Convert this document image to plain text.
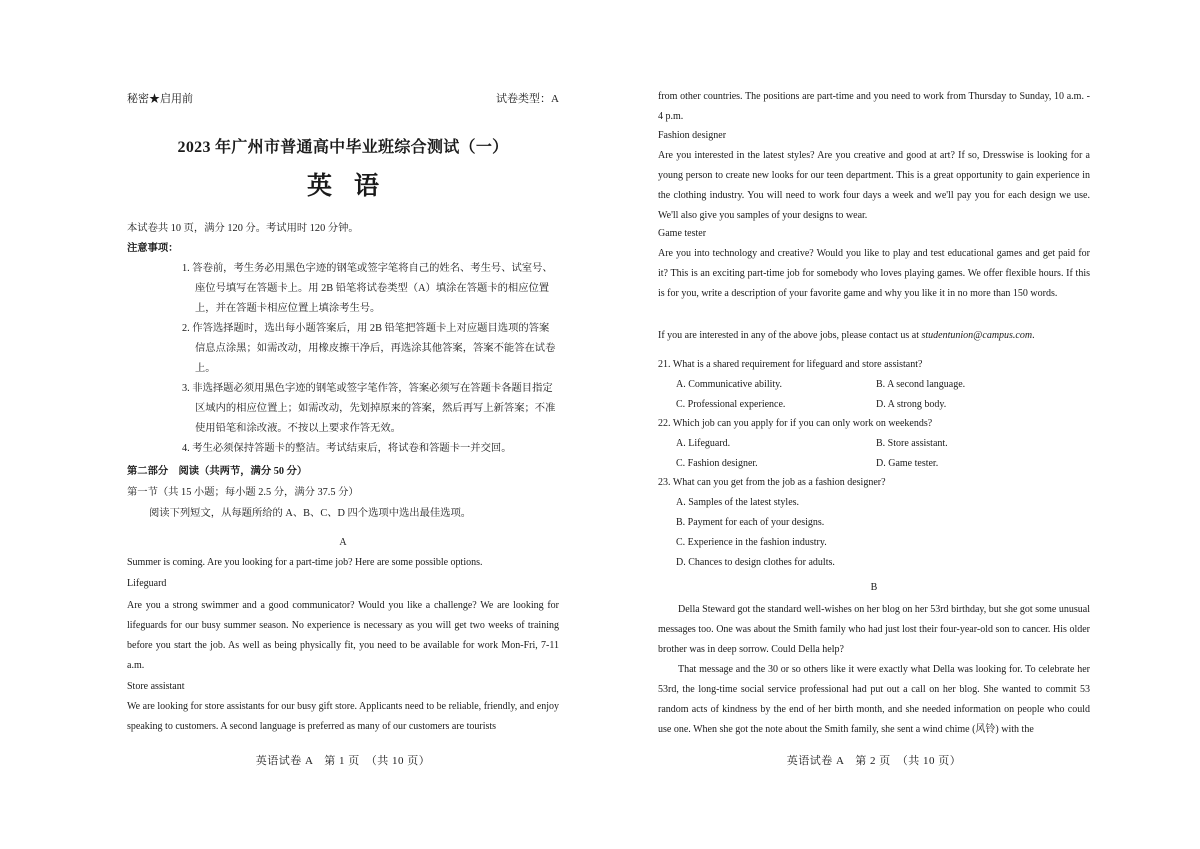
秘密★启用前	试卷类型：A
2023 年广州市普通高中毕业班综合测试（一）
英语

本试卷共 10 页，满分 120 分。考试用时 120 分钟。

注意事项：

1. 答卷前，考生务必用黑色字迹的钢笔或签字笔将自己的姓名、考生号、试室号、座位号填写在答题卡上。用 2B 铅笔将试卷类型（A）填涂在答题卡的相应位置上，并在答题卡相应位置上填涂考生号。

2. 作答选择题时，选出每小题答案后，用 2B 铅笔把答题卡上对应题目选项的答案信息点涂黑；如需改动，用橡皮擦干净后，再选涂其他答案，答案不能答在试卷上。

3. 非选择题必须用黑色字迹的钢笔或签字笔作答，答案必须写在答题卡各题目指定区域内的相应位置上；如需改动，先划掉原来的答案，然后再写上新答案；不准使用铅笔和涂改液。不按以上要求作答无效。

4. 考生必须保持答题卡的整洁。考试结束后，将试卷和答题卡一并交回。

第二部分　阅读（共两节，满分 50 分）

第一节（共 15 小题；每小题 2.5 分，满分 37.5 分）

阅读下列短文，从每题所给的 A、B、C、D 四个选项中选出最佳选项。

A

Summer is coming. Are you looking for a part-time job? Here are some possible options.

Lifeguard

Are you a strong swimmer and a good communicator? Would you like a challenge? We are looking for lifeguards for our busy summer season. No experience is necessary as you will get two weeks of training before you start the job. As well as being physically fit, you need to be available for work Mon-Fri, 7-11 a.m.

Store assistant

We are looking for store assistants for our busy gift store. Applicants need to be reliable, friendly, and enjoy speaking to customers. A second language is preferred as many of our customers are tourists

英语试卷 A　第 1 页　（共 10 页）

from other countries. The positions are part-time and you need to work from Thursday to Sunday, 10 a.m. - 4 p.m.

Fashion designer

Are you interested in the latest styles? Are you creative and good at art? If so, Dresswise is looking for a young person to create new looks for our teen department. This is a great opportunity to gain experience in the clothing industry. You will need to work four days a week and we'll pay you for each design we use. We'll also give you samples of your designs to wear.

Game tester

Are you into technology and creative? Would you like to play and test educational games and get paid for it? This is an exciting part-time job for somebody who loves playing games. We offer flexible hours. If this is for you, write a description of your favorite game and why you like it in no more than 150 words.

If you are interested in any of the above jobs, please contact us at studentunion@campus.com.

21. What is a shared requirement for lifeguard and store assistant?

A. Communicative ability.	B. A second language.
C. Professional experience.	D. A strong body.

22. Which job can you apply for if you can only work on weekends?

A. Lifeguard.	B. Store assistant.
C. Fashion designer.	D. Game tester.

23. What can you get from the job as a fashion designer?

A. Samples of the latest styles.

B. Payment for each of your designs.

C. Experience in the fashion industry.

D. Chances to design clothes for adults.

B

Della Steward got the standard well-wishes on her blog on her 53rd birthday, but she got some unusual messages too. One was about the Smith family who had just lost their four-year-old son to cancer. His older brother was in deep sorrow. Could Della help?

That message and the 30 or so others like it were exactly what Della was looking for. To celebrate her 53rd, the long-time social service professional had put out a call on her blog. She wanted to commit 53 random acts of kindness by the end of her birth month, and she needed information on people who could use one. When she got the note about the Smith family, she sent a wind chime (风铃) with the

英语试卷 A　第 2 页　（共 10 页）
